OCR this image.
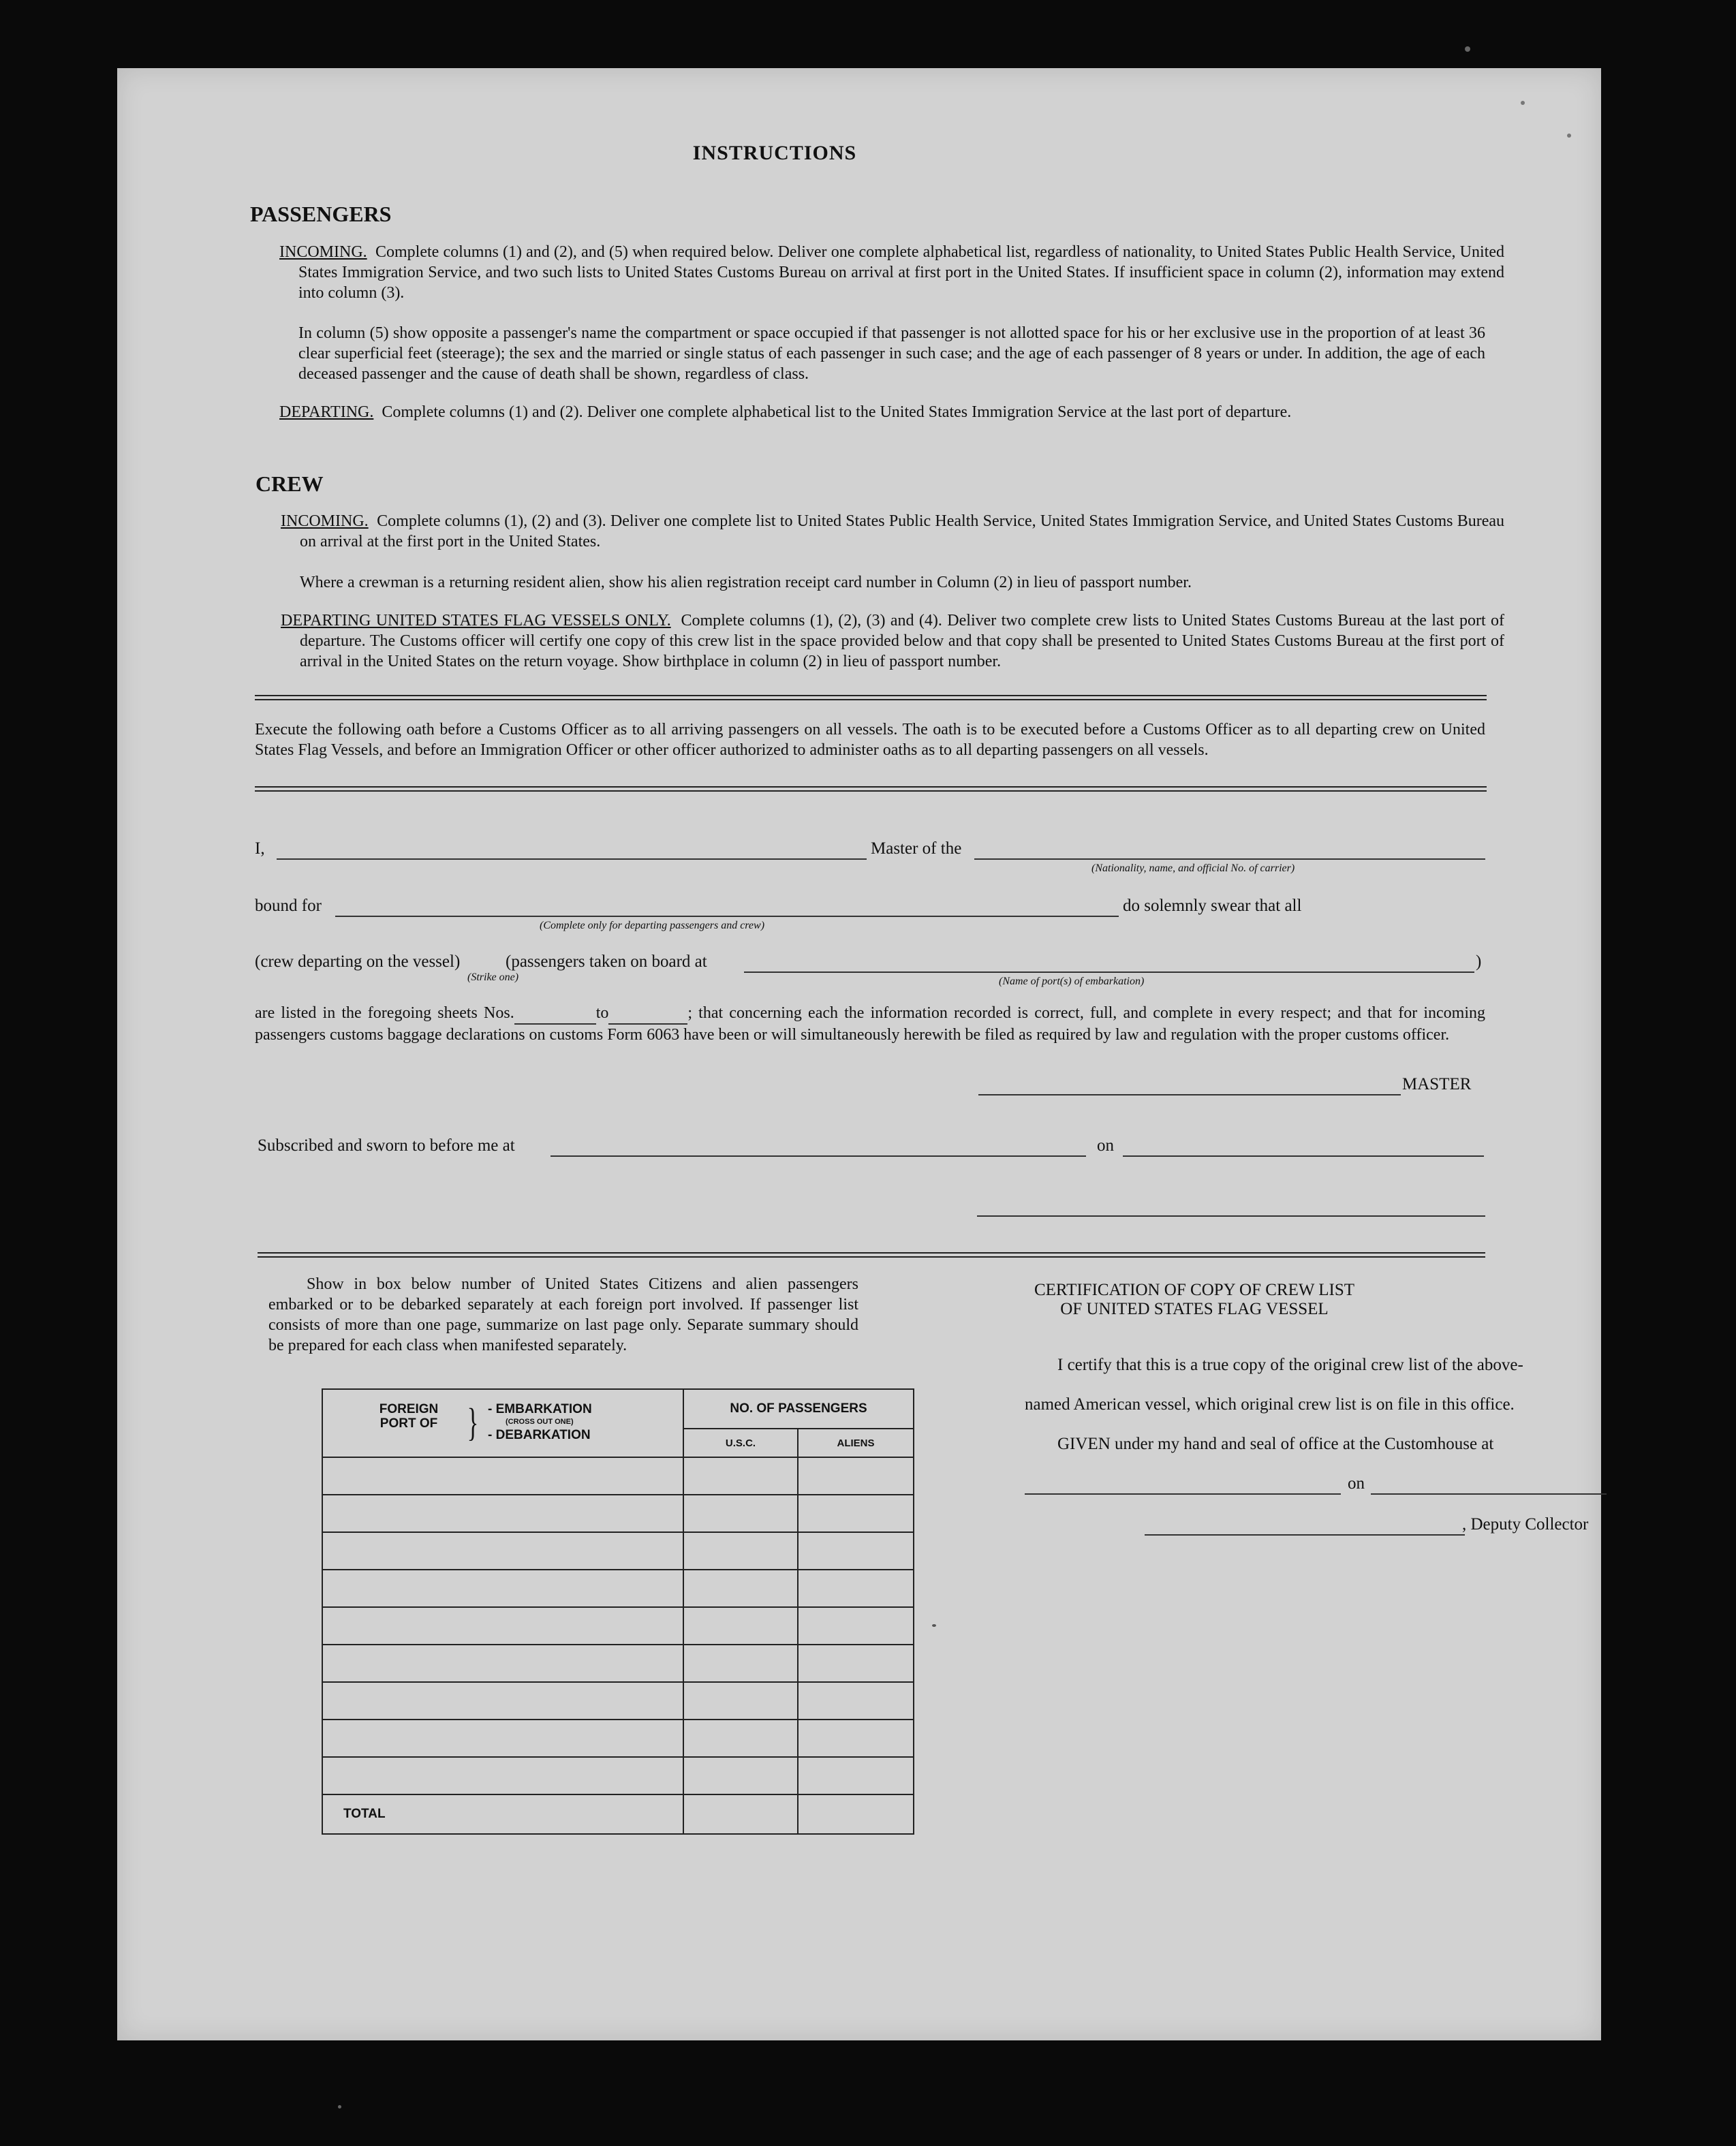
INSTRUCTIONS
PASSENGERS
INCOMING. Complete columns (1) and (2), and (5) when required below. Deliver one complete alphabetical list, regardless of nationality, to United States Public Health Service, United States Immigration Service, and two such lists to United States Customs Bureau on arrival at first port in the United States. If insufficient space in column (2), information may extend into column (3).
In column (5) show opposite a passenger's name the compartment or space occupied if that passenger is not allotted space for his or her exclusive use in the proportion of at least 36 clear superficial feet (steerage); the sex and the married or single status of each passenger in such case; and the age of each passenger of 8 years or under. In addition, the age of each deceased passenger and the cause of death shall be shown, regardless of class.
DEPARTING. Complete columns (1) and (2). Deliver one complete alphabetical list to the United States Immigration Service at the last port of departure.
CREW
INCOMING. Complete columns (1), (2) and (3). Deliver one complete list to United States Public Health Service, United States Immigration Service, and United States Customs Bureau on arrival at the first port in the United States.
Where a crewman is a returning resident alien, show his alien registration receipt card number in Column (2) in lieu of passport number.
DEPARTING UNITED STATES FLAG VESSELS ONLY. Complete columns (1), (2), (3) and (4). Deliver two complete crew lists to United States Customs Bureau at the last port of departure. The Customs officer will certify one copy of this crew list in the space provided below and that copy shall be presented to United States Customs Bureau at the first port of arrival in the United States on the return voyage. Show birthplace in column (2) in lieu of passport number.
Execute the following oath before a Customs Officer as to all arriving passengers on all vessels. The oath is to be executed before a Customs Officer as to all departing crew on United States Flag Vessels, and before an Immigration Officer or other officer authorized to administer oaths as to all departing passengers on all vessels.
I,	Master of the
(Nationality, name, and official No. of carrier)
bound for
(Complete only for departing passengers and crew)
do solemnly swear that all
(crew departing on the vessel)
(Strike one)
(passengers taken on board at
(Name of port(s) of embarkation)
)
are listed in the foregoing sheets Nos.	to	; that concerning each the information recorded is correct, full, and complete in every respect; and that for incoming passengers customs baggage declarations on customs Form 6063 have been or will simultaneously herewith be filed as required by law and regulation with the proper customs officer.
MASTER
Subscribed and sworn to before me at	on
Show in box below number of United States Citizens and alien passengers embarked or to be debarked separately at each foreign port involved. If passenger list consists of more than one page, summarize on last page only. Separate summary should be prepared for each class when manifested separately.
FOREIGN PORT OF } - EMBARKATION
(CROSS OUT ONE)
- DEBARKATION	NO. OF PASSENGERS	
	U.S.C.	ALIENS

TOTAL		
CERTIFICATION OF COPY OF CREW LIST
OF UNITED STATES FLAG VESSEL
I certify that this is a true copy of the original crew list of the above-
named American vessel, which original crew list is on file in this office.
GIVEN under my hand and seal of office at the Customhouse at
on
, Deputy Collector
